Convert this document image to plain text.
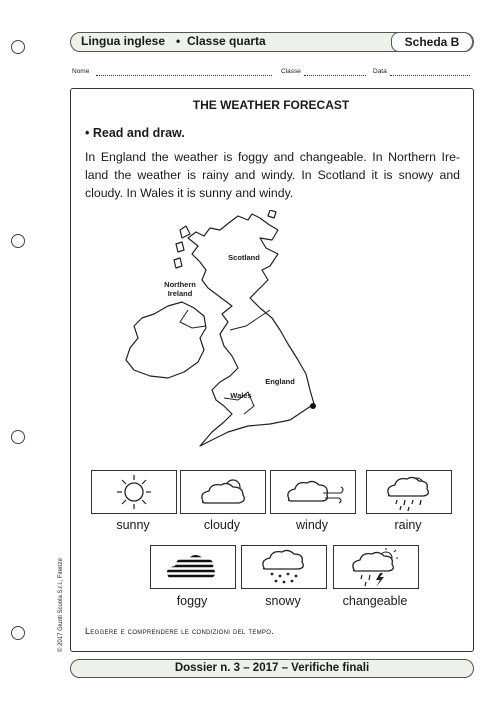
Lingua inglese • Classe quarta	Scheda B
Nome	Classe	Data
THE WEATHER FORECAST
• Read and draw.
In England the weather is foggy and changeable. In Northern Ire-land the weather is rainy and windy. In Scotland it is snowy and cloudy. In Wales it is sunny and windy.
Scotland
Northern
Ireland
England
Wales
sunny	cloudy	windy	rainy
foggy	snowy	changeable
Leggere e comprendere le condizioni del tempo.
© 2017 Giunti Scuola S.r.l., Firenze
Dossier n. 3 – 2017 – Verifiche finali
